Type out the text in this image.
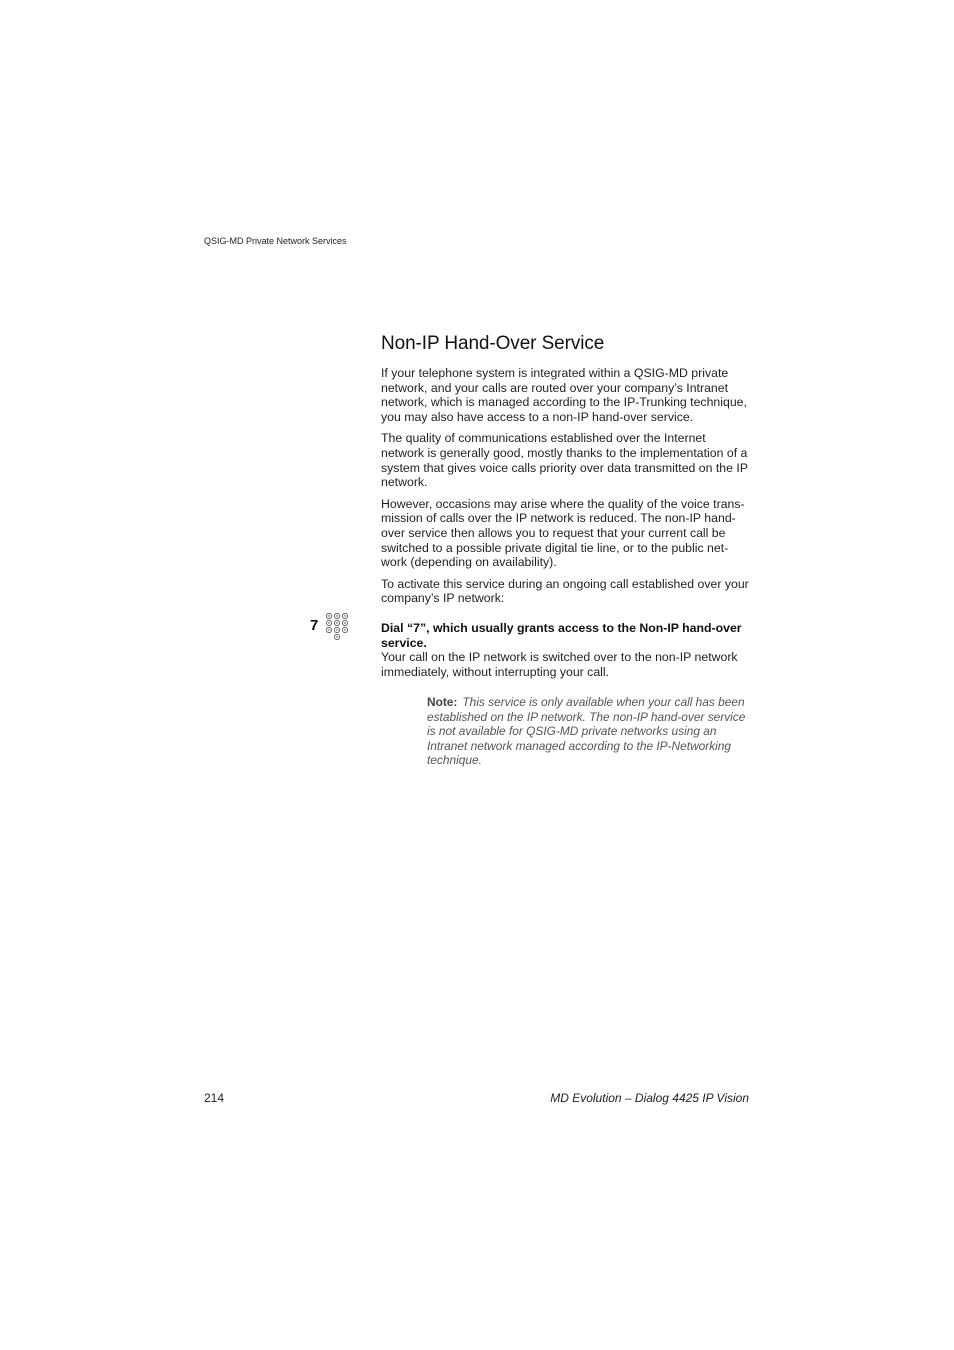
QSIG-MD Private Network Services
Non-IP Hand-Over Service

If your telephone system is integrated within a QSIG-MD private network, and your calls are routed over your company’s Intranet network, which is managed according to the IP-Trunking technique, you may also have access to a non-IP hand-over service.

The quality of communications established over the Internet network is generally good, mostly thanks to the implementation of a system that gives voice calls priority over data transmitted on the IP network.

However, occasions may arise where the quality of the voice trans-mission of calls over the IP network is reduced. The non-IP hand-over service then allows you to request that your current call be switched to a possible private digital tie line, or to the public net-work (depending on availability).

To activate this service during an ongoing call established over your company’s IP network:

7	Dial “7”, which usually grants access to the Non-IP hand-over service.

Your call on the IP network is switched over to the non-IP network immediately, without interrupting your call.

Note: This service is only available when your call has been established on the IP network. The non-IP hand-over service is not available for QSIG-MD private networks using an Intranet network managed according to the IP-Networking technique.
214	MD Evolution – Dialog 4425 IP Vision
